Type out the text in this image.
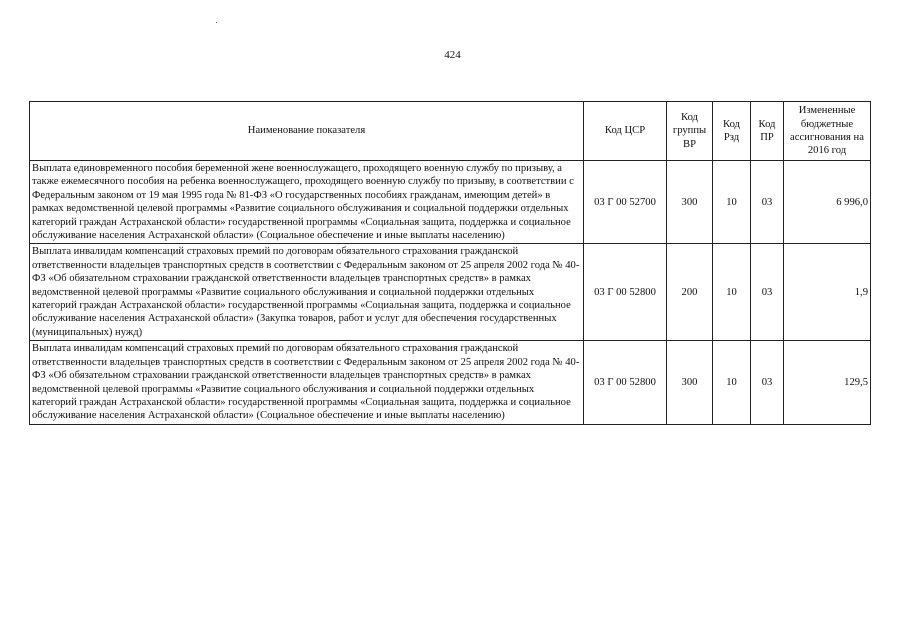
424
Наименование показателя	Код ЦСР	Код группы ВР	Код Рзд	Код ПР	Измененные бюджетные ассигнования на 2016 год
Выплата единовременного пособия беременной жене военнослужащего, проходящего военную службу по призыву, а также ежемесячного пособия на ребенка военнослужащего, проходящего военную службу по призыву, в соответствии с Федеральным законом от 19 мая 1995 года № 81-ФЗ «О государственных пособиях гражданам, имеющим детей» в рамках ведомственной целевой программы «Развитие социального обслуживания и социальной поддержки отдельных категорий граждан Астраханской области» государственной программы «Социальная защита, поддержка и социальное обслуживание населения Астраханской области» (Социальное обеспечение и иные выплаты населению)	03 Г 00 52700	300	10	03	6 996,0
Выплата инвалидам компенсаций страховых премий по договорам обязательного страхования гражданской ответственности владельцев транспортных средств в соответствии с Федеральным законом от 25 апреля 2002 года № 40-ФЗ «Об обязательном страховании гражданской ответственности владельцев транспортных средств» в рамках ведомственной целевой программы «Развитие социального обслуживания и социальной поддержки отдельных категорий граждан Астраханской области» государственной программы «Социальная защита, поддержка и социальное обслуживание населения Астраханской области» (Закупка товаров, работ и услуг для обеспечения государственных (муниципальных) нужд)	03 Г 00 52800	200	10	03	1,9
Выплата инвалидам компенсаций страховых премий по договорам обязательного страхования гражданской ответственности владельцев транспортных средств в соответствии с Федеральным законом от 25 апреля 2002 года № 40-ФЗ «Об обязательном страховании гражданской ответственности владельцев транспортных средств» в рамках ведомственной целевой программы «Развитие социального обслуживания и социальной поддержки отдельных категорий граждан Астраханской области» государственной программы «Социальная защита, поддержка и социальное обслуживание населения Астраханской области» (Социальное обеспечение и иные выплаты населению)	03 Г 00 52800	300	10	03	129,5
